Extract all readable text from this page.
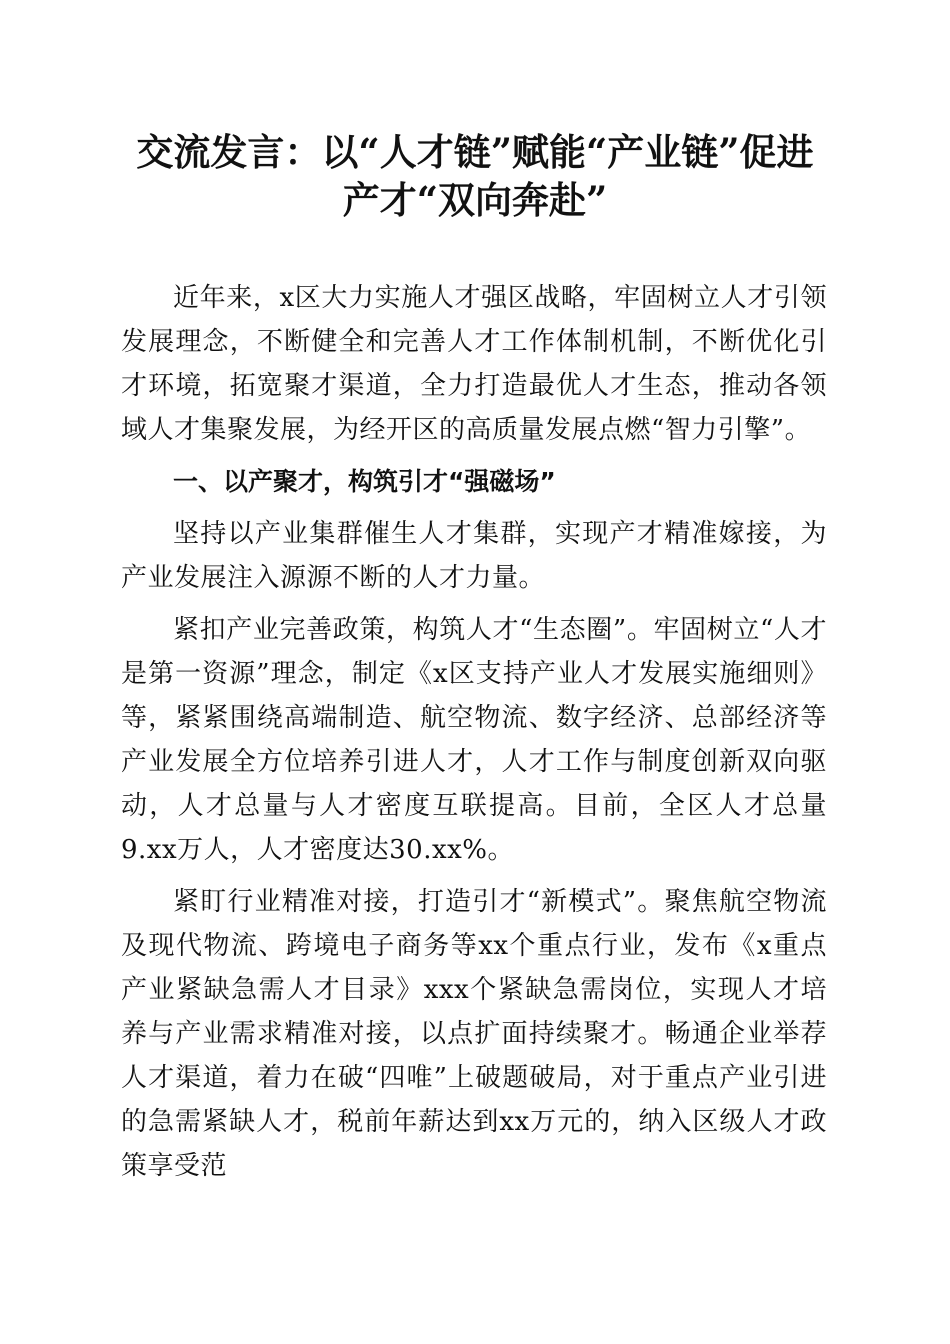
交流发言：以“人才链”赋能“产业链”促进
产才“双向奔赴”

近年来，x区大力实施人才强区战略，牢固树立人才引领发展理念，不断健全和完善人才工作体制机制，不断优化引才环境，拓宽聚才渠道，全力打造最优人才生态，推动各领域人才集聚发展，为经开区的高质量发展点燃“智力引擎”。

一、以产聚才，构筑引才“强磁场”

坚持以产业集群催生人才集群，实现产才精准嫁接，为产业发展注入源源不断的人才力量。

紧扣产业完善政策，构筑人才“生态圈”。牢固树立“人才是第一资源”理念，制定《x区支持产业人才发展实施细则》等，紧紧围绕高端制造、航空物流、数字经济、总部经济等产业发展全方位培养引进人才，人才工作与制度创新双向驱动，人才总量与人才密度互联提高。目前，全区人才总量9.xx万人，人才密度达30.xx%。

紧盯行业精准对接，打造引才“新模式”。聚焦航空物流及现代物流、跨境电子商务等xx个重点行业，发布《x重点产业紧缺急需人才目录》xxx个紧缺急需岗位，实现人才培养与产业需求精准对接，以点扩面持续聚才。畅通企业举荐人才渠道，着力在破“四唯”上破题破局，对于重点产业引进的急需紧缺人才，税前年薪达到xx万元的，纳入区级人才政策享受范
